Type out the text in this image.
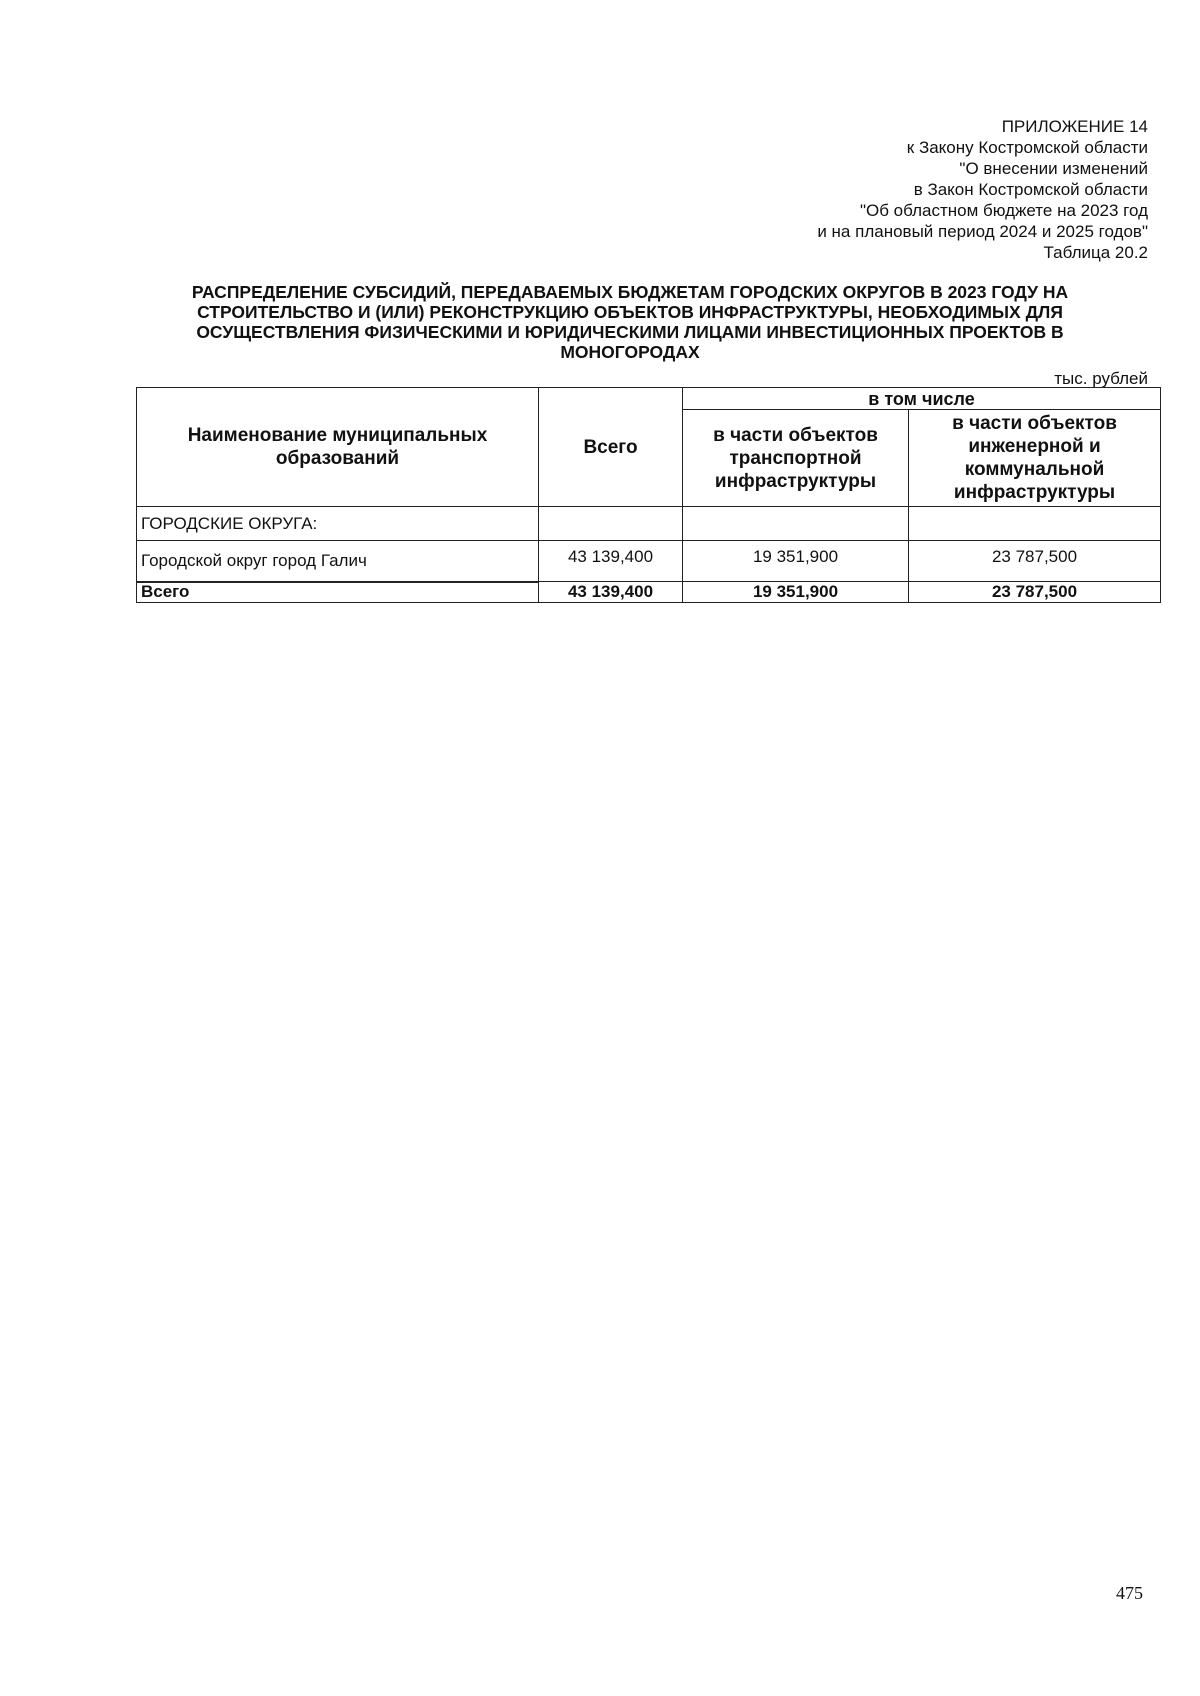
ПРИЛОЖЕНИЕ 14
к Закону Костромской области
"О внесении изменений
в Закон Костромской области
"Об областном бюджете на 2023 год
и на плановый период 2024 и 2025 годов"
Таблица 20.2
РАСПРЕДЕЛЕНИЕ СУБСИДИЙ, ПЕРЕДАВАЕМЫХ БЮДЖЕТАМ ГОРОДСКИХ ОКРУГОВ В 2023 ГОДУ НА
СТРОИТЕЛЬСТВО И (ИЛИ) РЕКОНСТРУКЦИЮ ОБЪЕКТОВ ИНФРАСТРУКТУРЫ, НЕОБХОДИМЫХ ДЛЯ
ОСУЩЕСТВЛЕНИЯ ФИЗИЧЕСКИМИ И ЮРИДИЧЕСКИМИ ЛИЦАМИ ИНВЕСТИЦИОННЫХ ПРОЕКТОВ В
МОНОГОРОДАХ
тыс. рублей
Наименование муниципальных образований	Всего	в том числе	
		в части объектов транспортной инфраструктуры	в части объектов инженерной и коммунальной инфраструктуры
ГОРОДСКИЕ ОКРУГА:			
Городской округ город Галич	43 139,400	19 351,900	23 787,500
Всего	43 139,400	19 351,900	23 787,500
475
